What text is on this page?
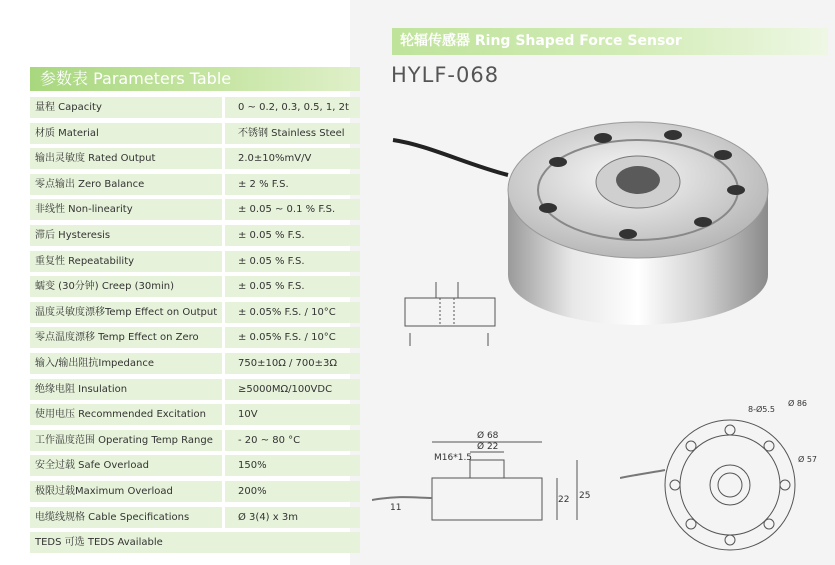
轮辐传感器 Ring Shaped Force Sensor
HYLF-068
参数表 Parameters Table
量程 Capacity	0 ~ 0.2, 0.3, 0.5, 1, 2t
材质 Material	不锈钢 Stainless Steel
输出灵敏度 Rated Output	2.0±10%mV/V
零点输出 Zero Balance	± 2 % F.S.
非线性 Non-linearity	± 0.05 ~ 0.1 % F.S.
滞后 Hysteresis	± 0.05 % F.S.
重复性 Repeatability	± 0.05 % F.S.
蠕变 (30分钟) Creep (30min)	± 0.05 % F.S.
温度灵敏度漂移Temp Effect on Output ± 0.05% F.S. / 10°C
零点温度漂移 Temp Effect on Zero	± 0.05% F.S. / 10°C
输入/输出阻抗Impedance	750±10Ω / 700±3Ω
绝缘电阻 Insulation	≥5000MΩ/100VDC
使用电压 Recommended Excitation	10V
工作温度范围 Operating Temp Range	- 20 ~ 80 °C
安全过载 Safe Overload	150%
极限过载Maximum Overload	200%
电缆线规格 Cable Specifications	Ø 3(4) x 3m
TEDS 可选 TEDS Available
Ø 68
Ø 22
M16*1.5
22 25
11
8-Ø5.5
Ø 86
Ø 57
